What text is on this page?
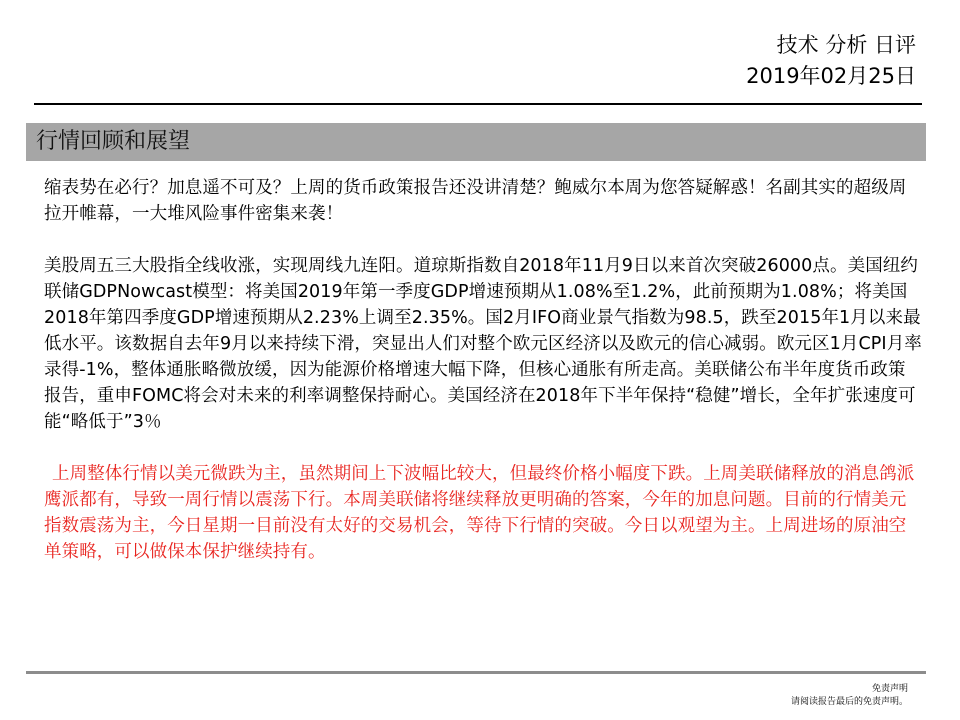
技术 分析 日评
2019年02月25日
行情回顾和展望

缩表势在必行？加息遥不可及？上周的货币政策报告还没讲清楚？鲍威尔本周为您答疑解惑！名副其实的超级周拉开帷幕，一大堆风险事件密集来袭！

美股周五三大股指全线收涨，实现周线九连阳。道琼斯指数自2018年11月9日以来首次突破26000点。美国纽约联储GDPNowcast模型：将美国2019年第一季度GDP增速预期从1.08%至1.2%，此前预期为1.08%；将美国2018年第四季度GDP增速预期从2.23%上调至2.35%。国2月IFO商业景气指数为98.5，跌至2015年1月以来最低水平。该数据自去年9月以来持续下滑，突显出人们对整个欧元区经济以及欧元的信心减弱。欧元区1月CPI月率录得-1%，整体通胀略微放缓，因为能源价格增速大幅下降，但核心通胀有所走高。美联储公布半年度货币政策报告，重申FOMC将会对未来的利率调整保持耐心。美国经济在2018年下半年保持“稳健”增长，全年扩张速度可能“略低于”3％

上周整体行情以美元微跌为主，虽然期间上下波幅比较大，但最终价格小幅度下跌。上周美联储释放的消息鸽派鹰派都有，导致一周行情以震荡下行。本周美联储将继续释放更明确的答案，今年的加息问题。目前的行情美元指数震荡为主，今日星期一目前没有太好的交易机会，等待下行情的突破。今日以观望为主。上周进场的原油空单策略，可以做保本保护继续持有。

免责声明
请阅读报告最后的免责声明。
